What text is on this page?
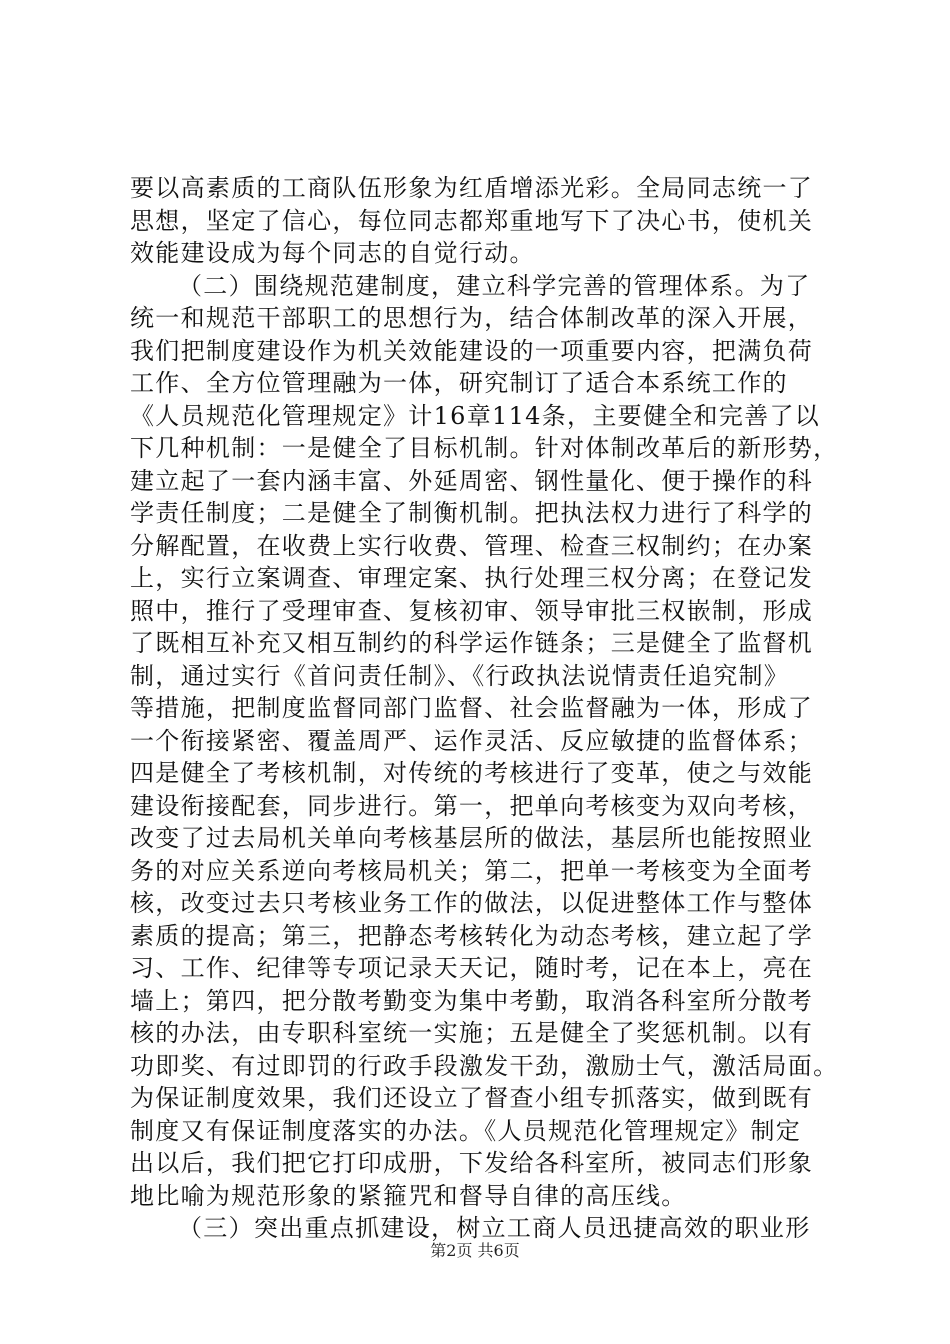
要以高素质的工商队伍形象为红盾增添光彩。全局同志统一了
思想，坚定了信心，每位同志都郑重地写下了决心书，使机关
效能建设成为每个同志的自觉行动。
（二）围绕规范建制度，建立科学完善的管理体系。为了
统一和规范干部职工的思想行为，结合体制改革的深入开展，
我们把制度建设作为机关效能建设的一项重要内容，把满负荷
工作、全方位管理融为一体，研究制订了适合本系统工作的
《人员规范化管理规定》计16章114条，主要健全和完善了以
下几种机制：一是健全了目标机制。针对体制改革后的新形势，
建立起了一套内涵丰富、外延周密、钢性量化、便于操作的科
学责任制度；二是健全了制衡机制。把执法权力进行了科学的
分解配置，在收费上实行收费、管理、检查三权制约；在办案
上，实行立案调查、审理定案、执行处理三权分离；在登记发
照中，推行了受理审查、复核初审、领导审批三权嵌制，形成
了既相互补充又相互制约的科学运作链条；三是健全了监督机
制，通过实行《首问责任制》、《行政执法说情责任追究制》
等措施，把制度监督同部门监督、社会监督融为一体，形成了
一个衔接紧密、覆盖周严、运作灵活、反应敏捷的监督体系；
四是健全了考核机制，对传统的考核进行了变革，使之与效能
建设衔接配套，同步进行。第一，把单向考核变为双向考核，
改变了过去局机关单向考核基层所的做法，基层所也能按照业
务的对应关系逆向考核局机关；第二，把单一考核变为全面考
核，改变过去只考核业务工作的做法，以促进整体工作与整体
素质的提高；第三，把静态考核转化为动态考核，建立起了学
习、工作、纪律等专项记录天天记，随时考，记在本上，亮在
墙上；第四，把分散考勤变为集中考勤，取消各科室所分散考
核的办法，由专职科室统一实施；五是健全了奖惩机制。以有
功即奖、有过即罚的行政手段激发干劲，激励士气，激活局面。
为保证制度效果，我们还设立了督查小组专抓落实，做到既有
制度又有保证制度落实的办法。《人员规范化管理规定》制定
出以后，我们把它打印成册，下发给各科室所，被同志们形象
地比喻为规范形象的紧箍咒和督导自律的高压线。
（三）突出重点抓建设，树立工商人员迅捷高效的职业形
第2页 共6页
